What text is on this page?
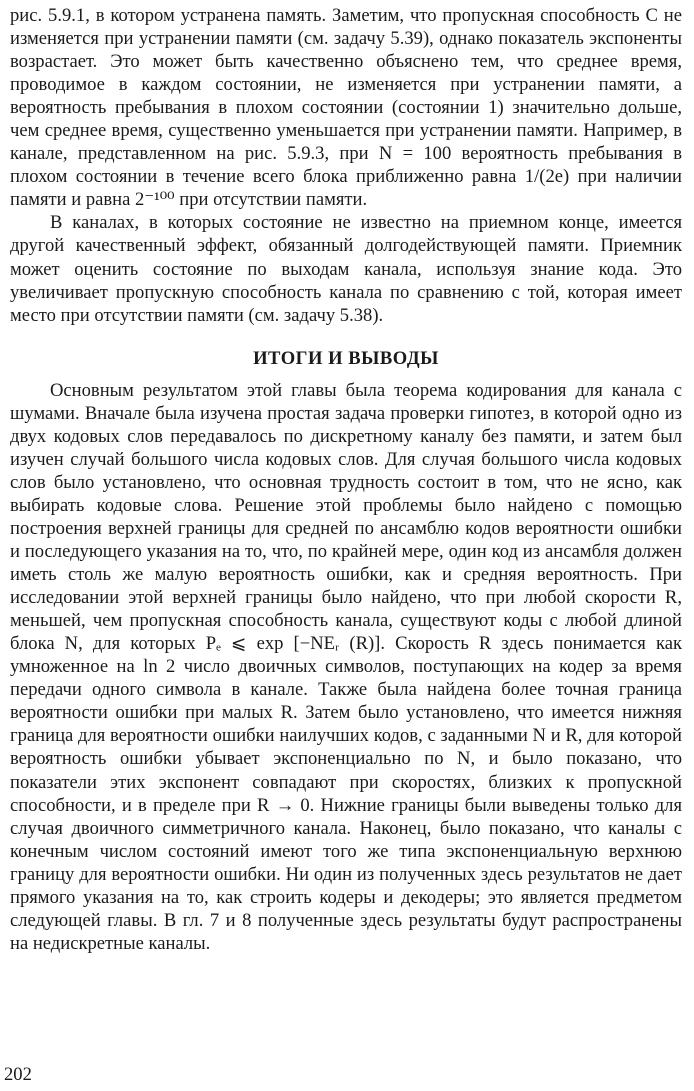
рис. 5.9.1, в котором устранена память. Заметим, что пропускная способность C не изменяется при устранении памяти (см. задачу 5.39), однако показатель экспоненты возрастает. Это может быть качественно объяснено тем, что среднее время, проводимое в каждом состоянии, не изменяется при устранении памяти, а вероятность пребывания в плохом состоянии (состоянии 1) значительно дольше, чем среднее время, существенно уменьшается при устранении памяти. Например, в канале, представленном на рис. 5.9.3, при N = 100 вероятность пребывания в плохом состоянии в течение всего блока приближенно равна 1/(2e) при наличии памяти и равна 2⁻¹⁰⁰ при отсутствии памяти.

В каналах, в которых состояние не известно на приемном конце, имеется другой качественный эффект, обязанный долгодействующей памяти. Приемник может оценить состояние по выходам канала, используя знание кода. Это увеличивает пропускную способность канала по сравнению с той, которая имеет место при отсутствии памяти (см. задачу 5.38).

ИТОГИ И ВЫВОДЫ

Основным результатом этой главы была теорема кодирования для канала с шумами. Вначале была изучена простая задача проверки гипотез, в которой одно из двух кодовых слов передавалось по дискретному каналу без памяти, и затем был изучен случай большого числа кодовых слов. Для случая большого числа кодовых слов было установлено, что основная трудность состоит в том, что не ясно, как выбирать кодовые слова. Решение этой проблемы было найдено с помощью построения верхней границы для средней по ансамблю кодов вероятности ошибки и последующего указания на то, что, по крайней мере, один код из ансамбля должен иметь столь же малую вероятность ошибки, как и средняя вероятность. При исследовании этой верхней границы было найдено, что при любой скорости R, меньшей, чем пропускная способность канала, существуют коды с любой длиной блока N, для которых Pₑ ⩽ exp [−NEᵣ (R)]. Скорость R здесь понимается как умноженное на ln 2 число двоичных символов, поступающих на кодер за время передачи одного символа в канале. Также была найдена более точная граница вероятности ошибки при малых R. Затем было установлено, что имеется нижняя граница для вероятности ошибки наилучших кодов, с заданными N и R, для которой вероятность ошибки убывает экспоненциально по N, и было показано, что показатели этих экспонент совпадают при скоростях, близких к пропускной способности, и в пределе при R → 0. Нижние границы были выведены только для случая двоичного симметричного канала. Наконец, было показано, что каналы с конечным числом состояний имеют того же типа экспоненциальную верхнюю границу для вероятности ошибки. Ни один из полученных здесь результатов не дает прямого указания на то, как строить кодеры и декодеры; это является предметом следующей главы. В гл. 7 и 8 полученные здесь результаты будут распространены на недискретные каналы.

202
